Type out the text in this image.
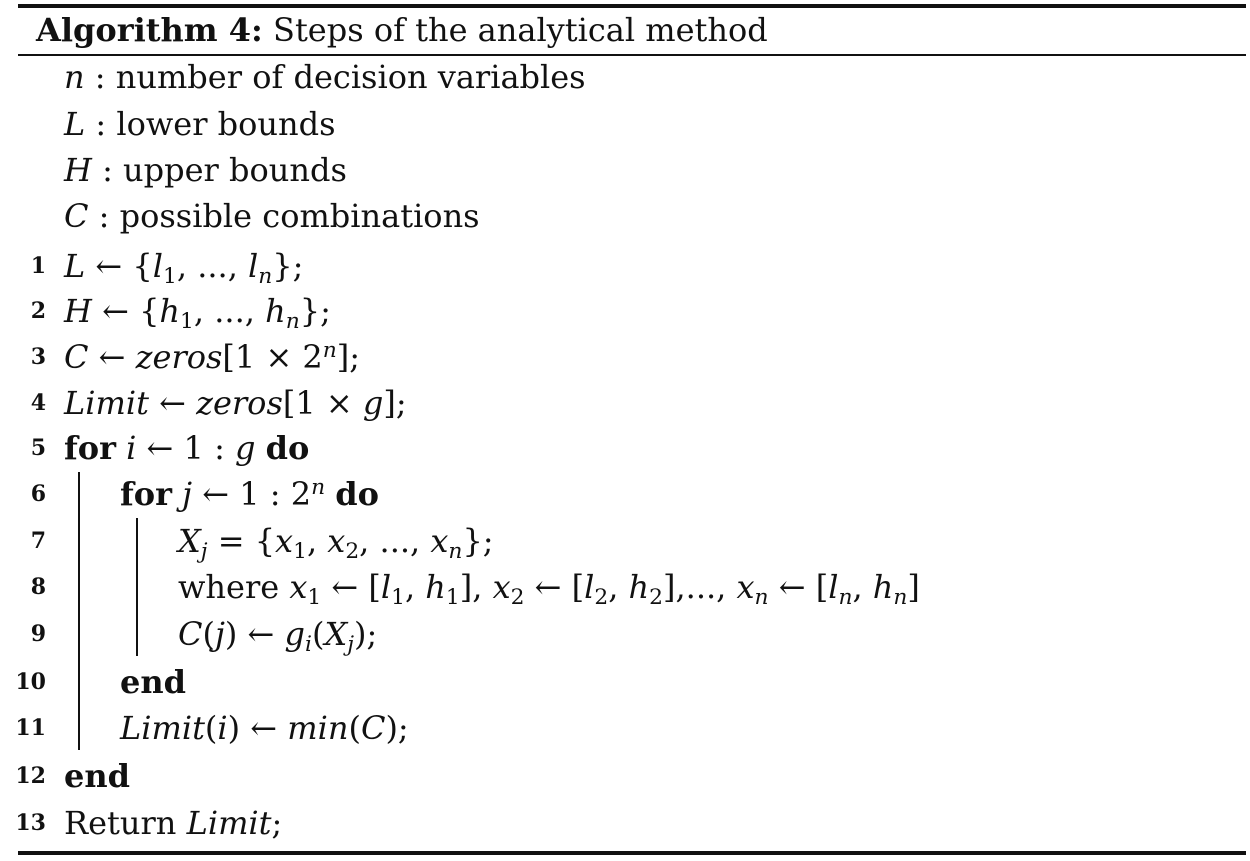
Algorithm 4: Steps of the analytical method
n : number of decision variables
L : lower bounds
H : upper bounds
C : possible combinations
1 L ← {$l_1$, ..., $l_n$};
2 H ← {$h_1$, ..., $h_n$};
3 C ← zeros[1 × $2^n$];
4 Limit ← zeros[1 × g];
5 for i ← 1 : g do
6 for j ← 1 : 2$^n$ do
7	$X_j = \{x_1$, $x_2$, ..., $x_n$};
8	where $x_1$ ← [$l_1$, $h_1$], $x_2$ ← [$l_2$, $h_2$],..., $x_n$ ← [$l_n$, $h_n$]
9	C(j) ← $g_i(X_j)$;
10 end
11 Limit(i) ← min(C);
12 end
13 Return Limit;
